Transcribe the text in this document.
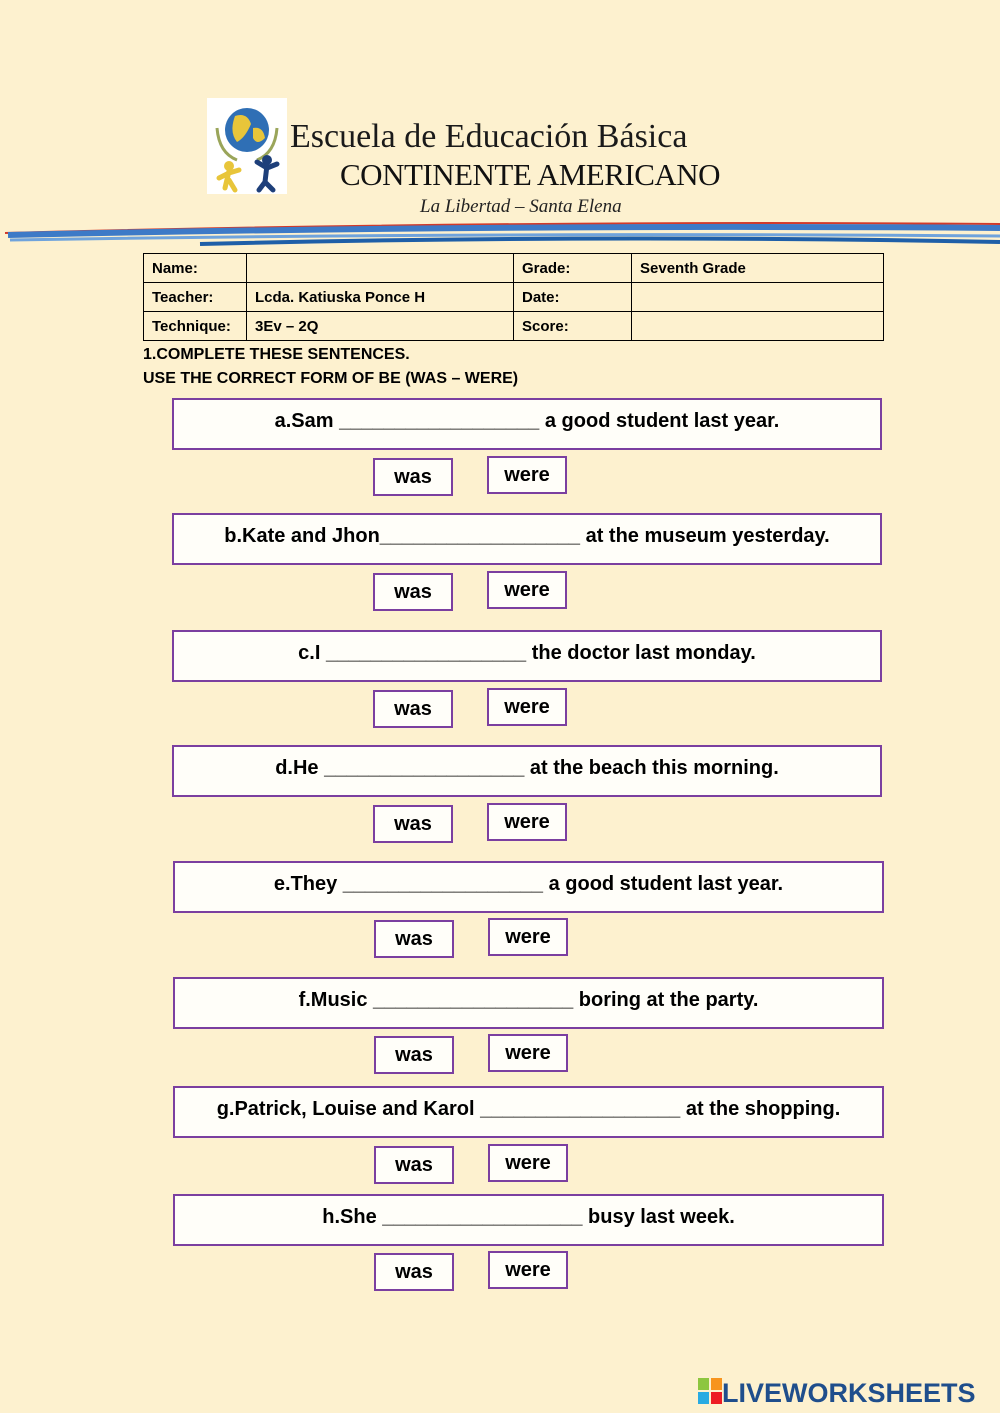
Escuela de Educación Básica
CONTINENTE AMERICANO
La Libertad – Santa Elena
Name:		Grade:	Seventh Grade
Teacher:	Lcda. Katiuska Ponce H	Date:	
Technique:	3Ev – 2Q	Score:	
1.COMPLETE THESE SENTENCES.
USE THE CORRECT FORM OF BE (WAS – WERE)
a.Sam __________________ a good student last year.
was	were
b.Kate and Jhon__________________ at the museum yesterday.
was	were
c.I __________________ the doctor last monday.
was	were
d.He __________________ at the beach this morning.
was	were
e.They __________________ a good student last year.
was	were
f.Music __________________ boring at the party.
was	were
g.Patrick, Louise and Karol __________________ at the shopping.
was	were
h.She __________________ busy last week.
was	were
LIVEWORKSHEETS
